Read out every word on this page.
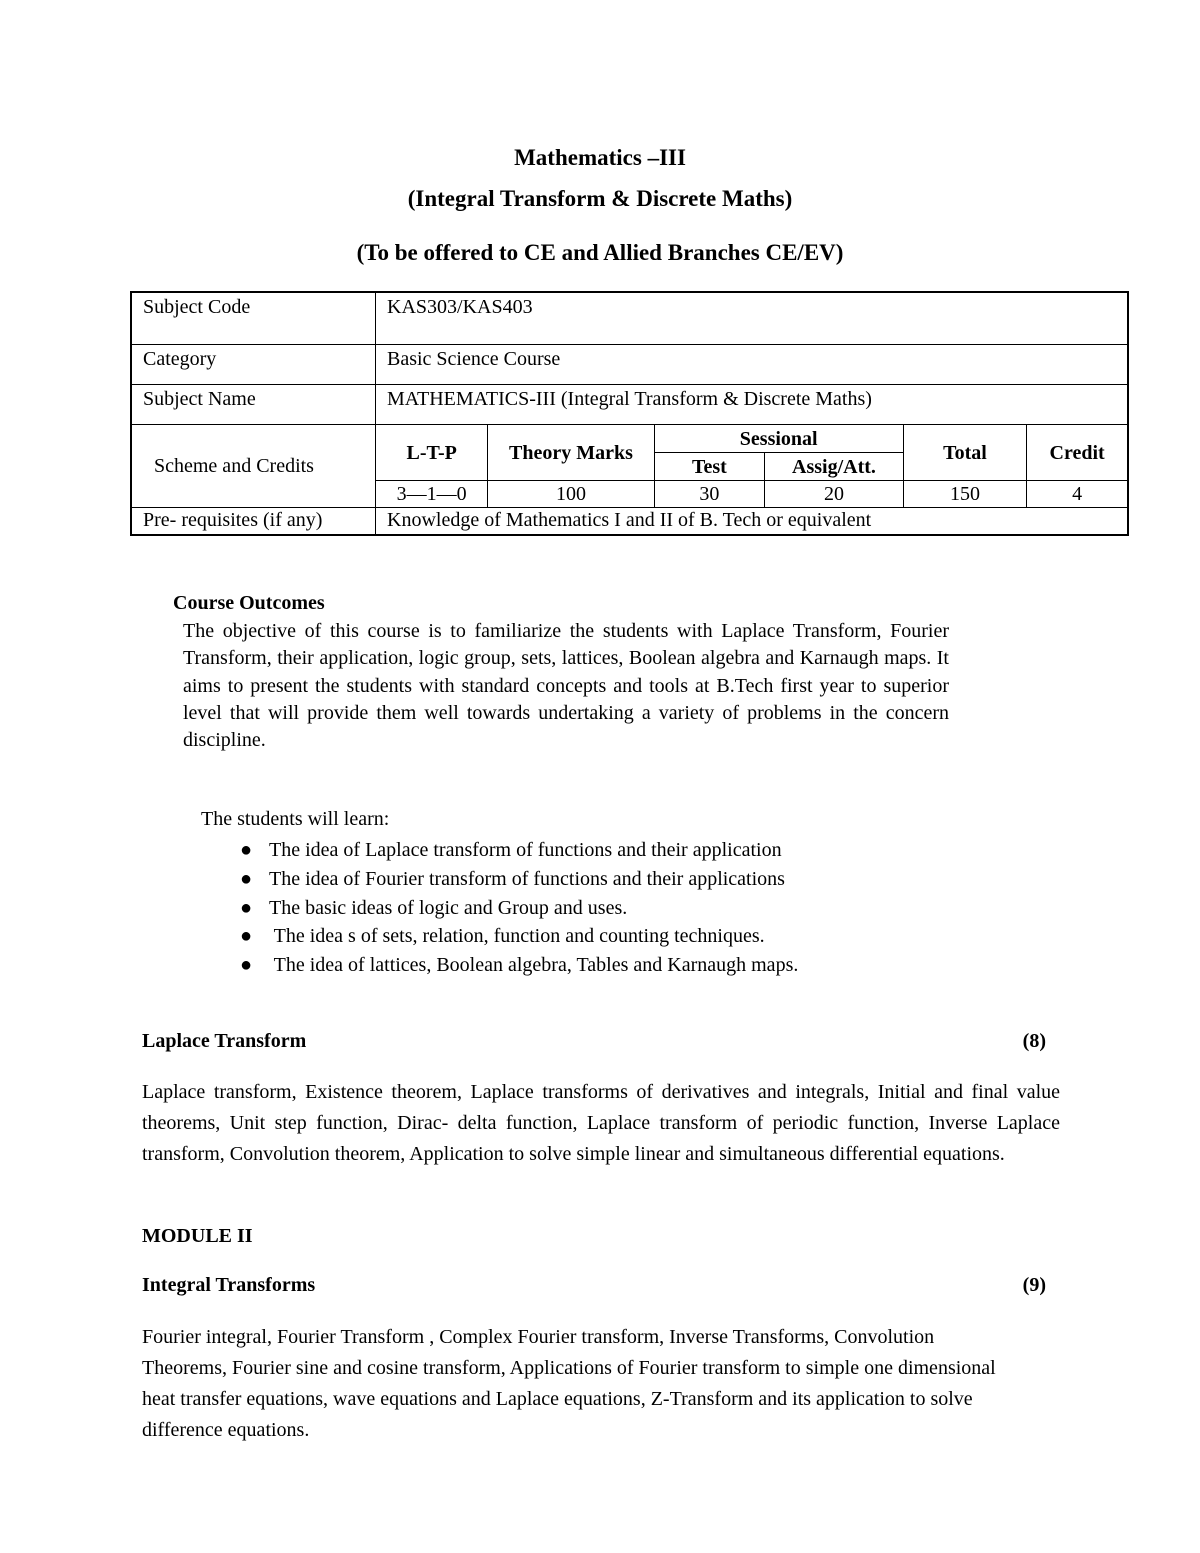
Mathematics –III
(Integral Transform & Discrete Maths)
(To be offered to CE and Allied Branches CE/EV)
Subject Code	KAS303/KAS403
Category	Basic Science Course
Subject Name	MATHEMATICS-III (Integral Transform & Discrete Maths)
Scheme and Credits	
L-T-P	Theory Marks	Sessional	Total	Credit
Test	Assig/Att.
3—1—0	100	30	20	150	4

Pre- requisites (if any)	Knowledge of Mathematics I and II of B. Tech or equivalent
Course Outcomes
The objective of this course is to familiarize the students with Laplace Transform, Fourier Transform, their application, logic group, sets, lattices, Boolean algebra and Karnaugh maps. It aims to present the students with standard concepts and tools at B.Tech first year to superior level that will provide them well towards undertaking a variety of problems in the concern discipline.
The students will learn:
● The idea of Laplace transform of functions and their application
● The idea of Fourier transform of functions and their applications
● The basic ideas of logic and Group and uses.
● The idea s of sets, relation, function and counting techniques.
● The idea of lattices, Boolean algebra, Tables and Karnaugh maps.
Laplace Transform	(8)
Laplace transform, Existence theorem, Laplace transforms of derivatives and integrals, Initial and final value theorems, Unit step function, Dirac- delta function, Laplace transform of periodic function, Inverse Laplace transform, Convolution theorem, Application to solve simple linear and simultaneous differential equations.
MODULE II
Integral Transforms	(9)
Fourier integral, Fourier Transform , Complex Fourier transform, Inverse Transforms, Convolution Theorems, Fourier sine and cosine transform, Applications of Fourier transform to simple one dimensional heat transfer equations, wave equations and Laplace equations, Z-Transform and its application to solve difference equations.
